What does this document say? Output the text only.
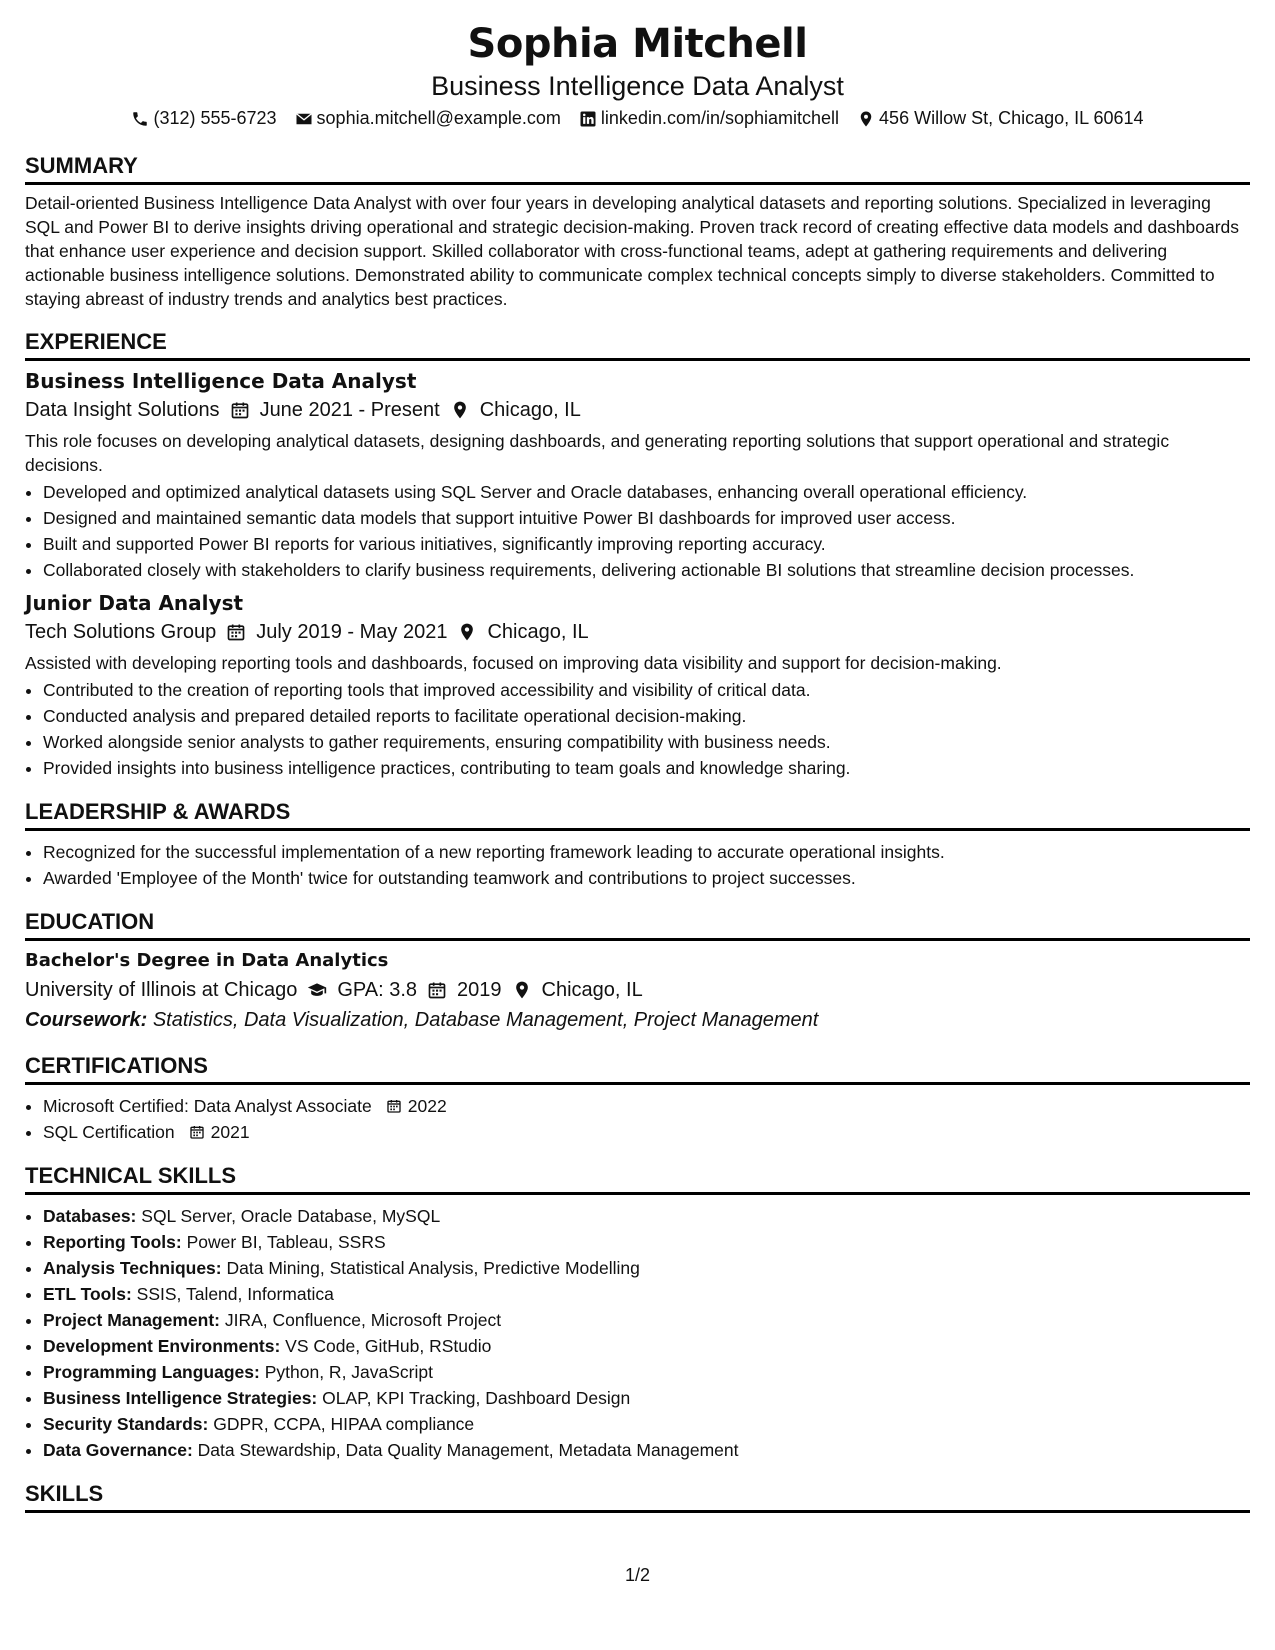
Sophia Mitchell
Business Intelligence Data Analyst
(312) 555-6723 sophia.mitchell@example.com linkedin.com/in/sophiamitchell 456 Willow St, Chicago, IL 60614
SUMMARY

Detail-oriented Business Intelligence Data Analyst with over four years in developing analytical datasets and reporting solutions. Specialized in leveraging SQL and Power BI to derive insights driving operational and strategic decision-making. Proven track record of creating effective data models and dashboards that enhance user experience and decision support. Skilled collaborator with cross-functional teams, adept at gathering requirements and delivering actionable business intelligence solutions. Demonstrated ability to communicate complex technical concepts simply to diverse stakeholders. Committed to staying abreast of industry trends and analytics best practices.

EXPERIENCE
Business Intelligence Data Analyst
Data Insight Solutions June 2021 - Present Chicago, IL

This role focuses on developing analytical datasets, designing dashboards, and generating reporting solutions that support operational and strategic decisions.

• Developed and optimized analytical datasets using SQL Server and Oracle databases, enhancing overall operational efficiency.
• Designed and maintained semantic data models that support intuitive Power BI dashboards for improved user access.
• Built and supported Power BI reports for various initiatives, significantly improving reporting accuracy.
• Collaborated closely with stakeholders to clarify business requirements, delivering actionable BI solutions that streamline decision processes.
Junior Data Analyst
Tech Solutions Group July 2019 - May 2021 Chicago, IL

Assisted with developing reporting tools and dashboards, focused on improving data visibility and support for decision-making.

• Contributed to the creation of reporting tools that improved accessibility and visibility of critical data.
• Conducted analysis and prepared detailed reports to facilitate operational decision-making.
• Worked alongside senior analysts to gather requirements, ensuring compatibility with business needs.
• Provided insights into business intelligence practices, contributing to team goals and knowledge sharing.
LEADERSHIP & AWARDS
• Recognized for the successful implementation of a new reporting framework leading to accurate operational insights.
• Awarded 'Employee of the Month' twice for outstanding teamwork and contributions to project successes.
EDUCATION
Bachelor's Degree in Data Analytics
University of Illinois at Chicago GPA: 3.8 2019 Chicago, IL
Coursework: Statistics, Data Visualization, Database Management, Project Management
CERTIFICATIONS
• Microsoft Certified: Data Analyst Associate 2022
• SQL Certification 2021
TECHNICAL SKILLS
• Databases: SQL Server, Oracle Database, MySQL
• Reporting Tools: Power BI, Tableau, SSRS
• Analysis Techniques: Data Mining, Statistical Analysis, Predictive Modelling
• ETL Tools: SSIS, Talend, Informatica
• Project Management: JIRA, Confluence, Microsoft Project
• Development Environments: VS Code, GitHub, RStudio
• Programming Languages: Python, R, JavaScript
• Business Intelligence Strategies: OLAP, KPI Tracking, Dashboard Design
• Security Standards: GDPR, CCPA, HIPAA compliance
• Data Governance: Data Stewardship, Data Quality Management, Metadata Management
SKILLS
1/2
